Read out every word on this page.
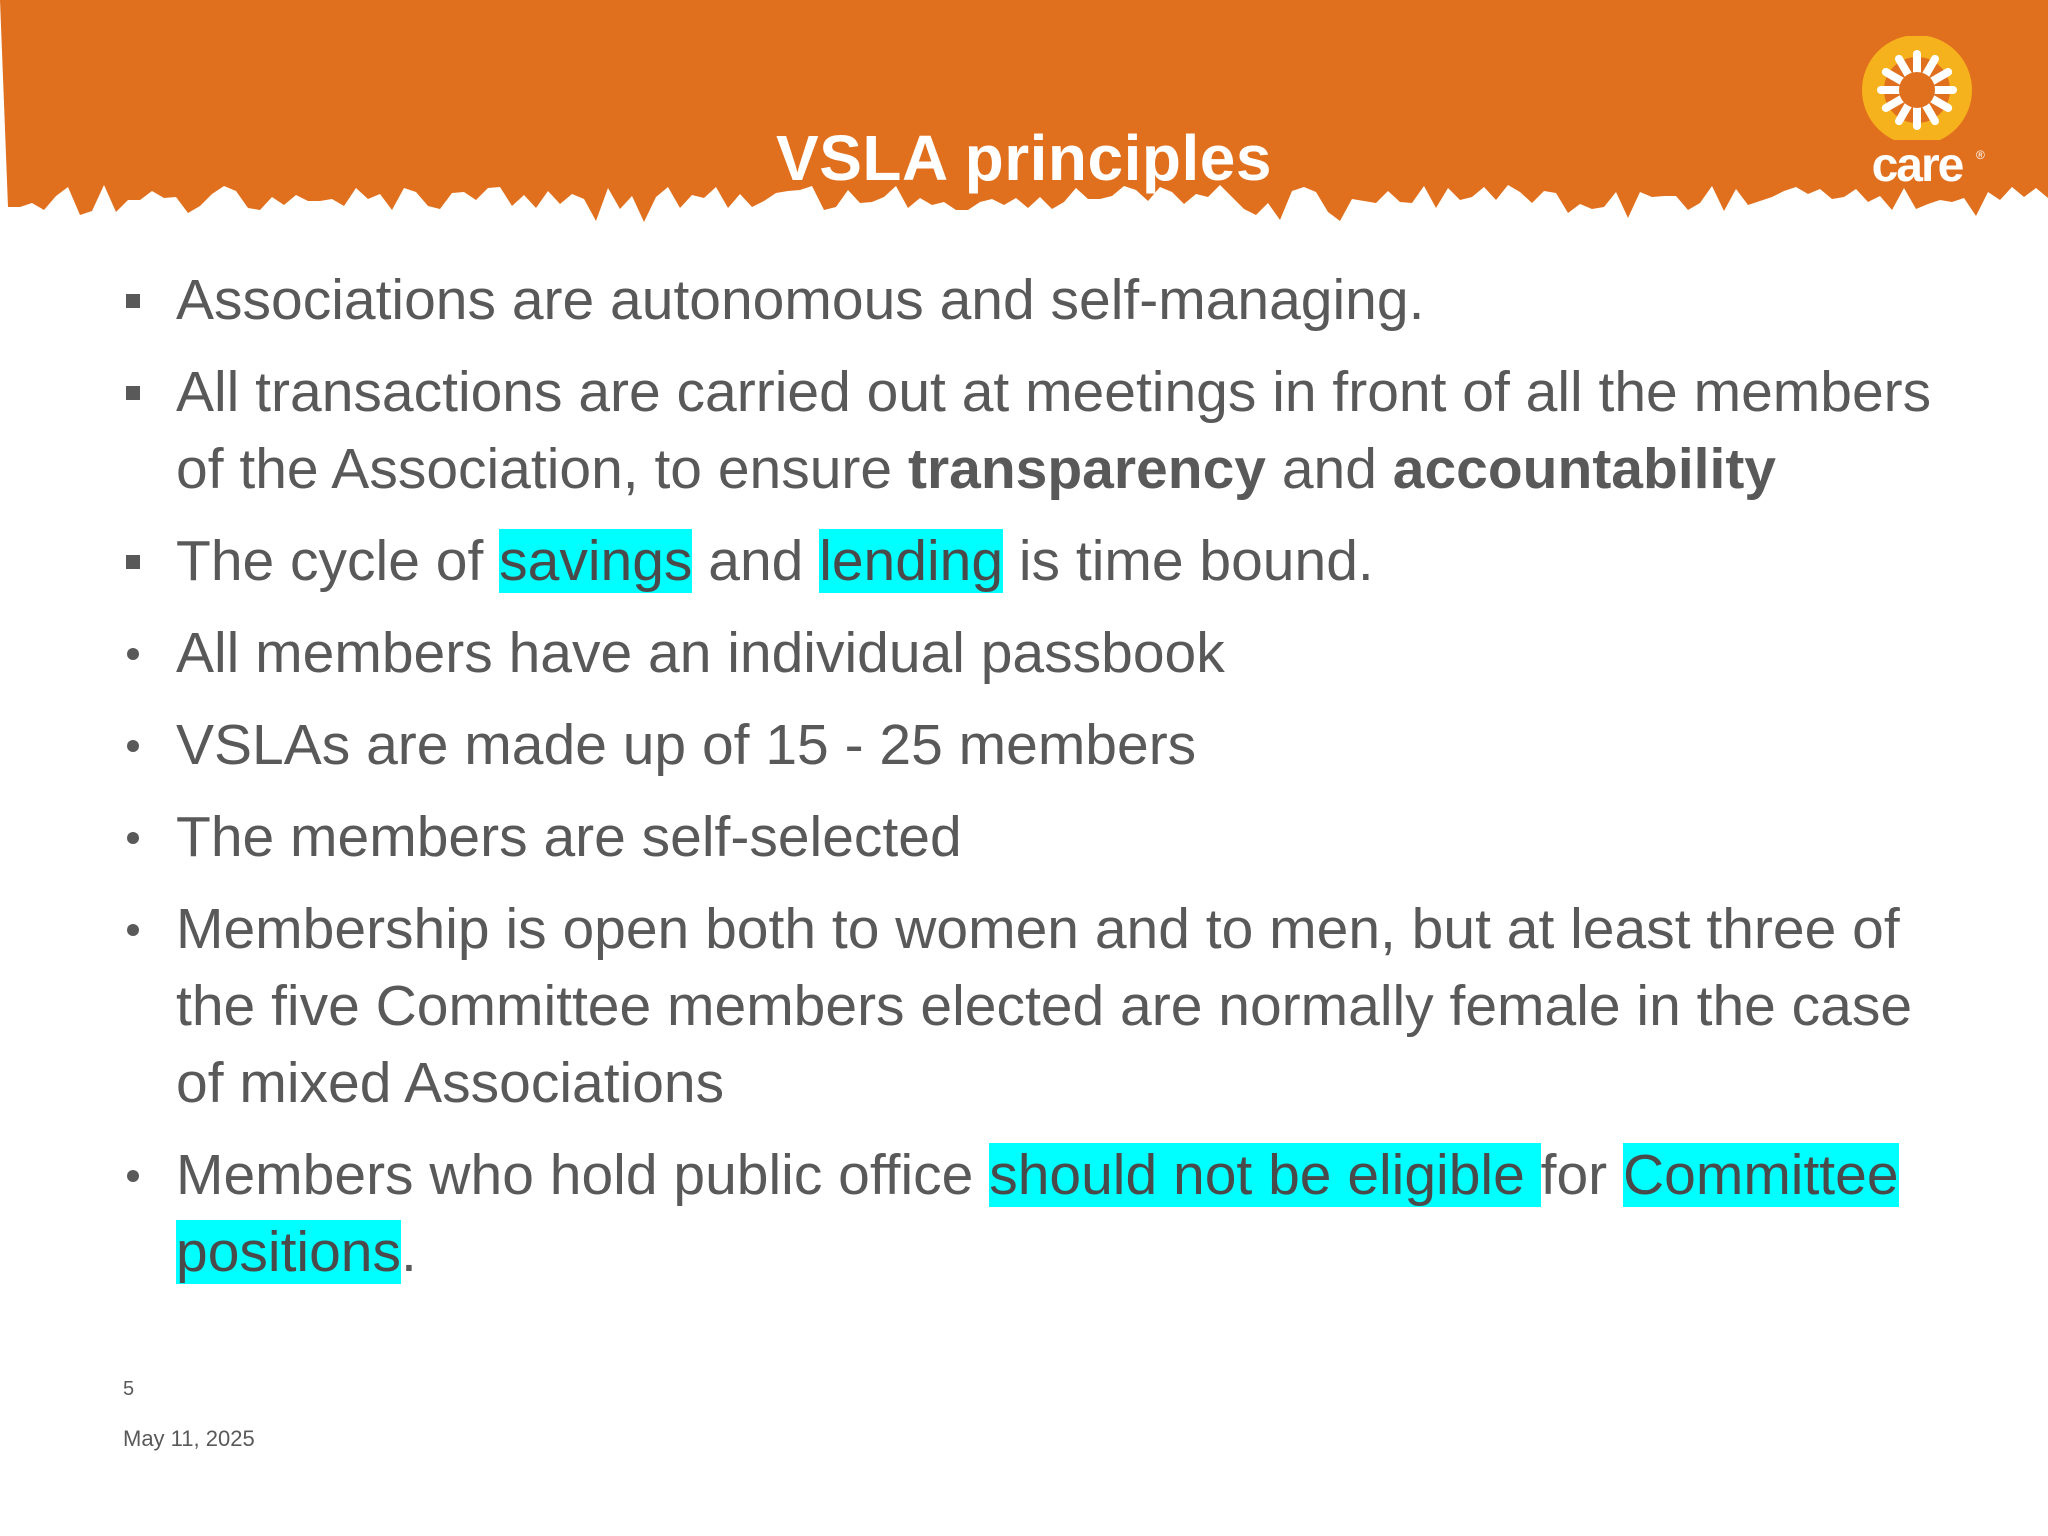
VSLA principles	care	®
Associations are autonomous and self-managing.
All transactions are carried out at meetings in front of all the members of the Association, to ensure transparency and accountability
The cycle of savings and lending is time bound.
All members have an individual passbook
VSLAs are made up of 15 - 25 members
The members are self-selected
Membership is open both to women and to men, but at least three of the five Committee members elected are normally female in the case of mixed Associations
Members who hold public office should not be eligible for Committee positions.
5
May 11, 2025
